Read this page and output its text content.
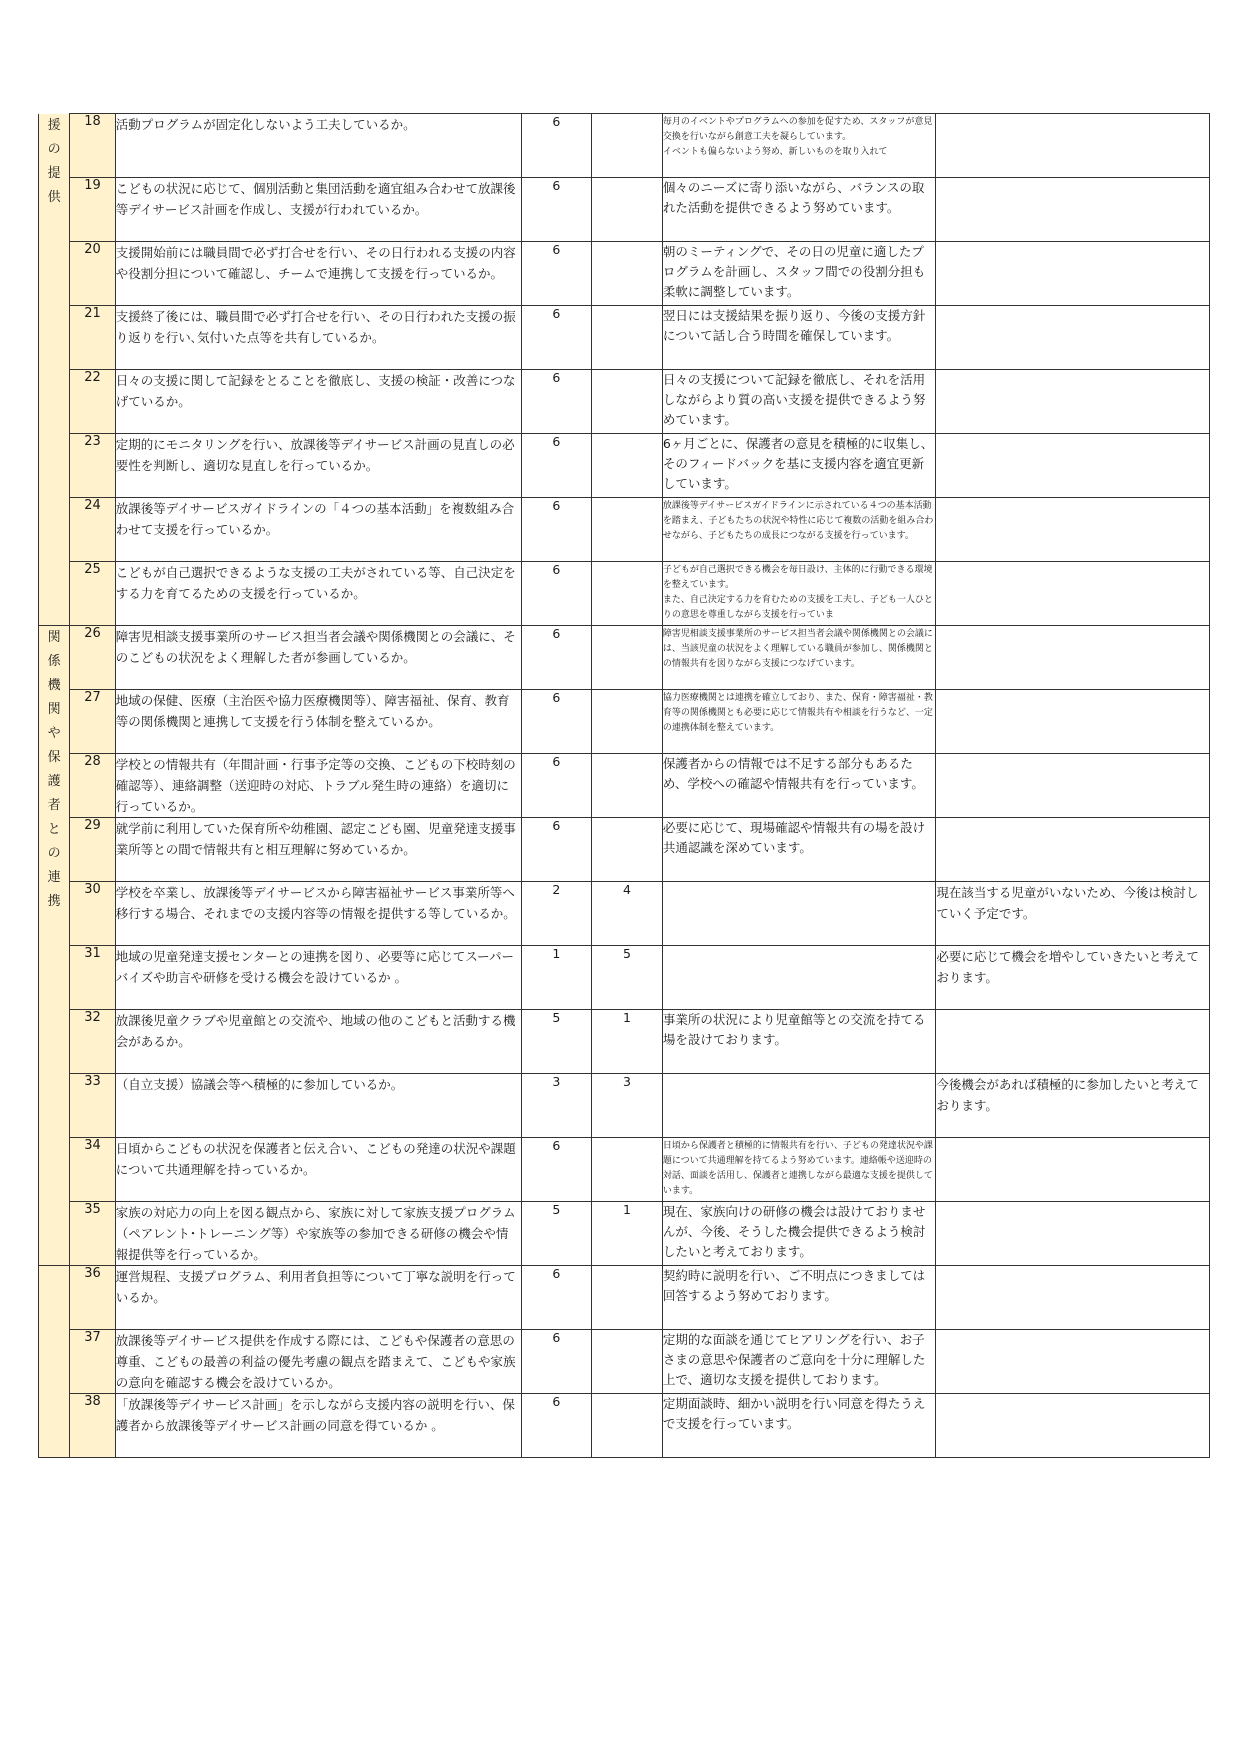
援の提供	18	活動プログラムが固定化しないよう工夫しているか。	6		毎月のイベントやプログラムへの参加を促すため、スタッフが意見交換を行いながら創意工夫を凝らしています。
イベントも偏らないよう努め、新しいものを取り入れて	
	19	こどもの状況に応じて、個別活動と集団活動を適宜組み合わせて放課後等デイサービス計画を作成し、支援が行われているか。	6		個々のニーズに寄り添いながら、バランスの取れた活動を提供できるよう努めています。	
	20	支援開始前には職員間で必ず打合せを行い、その日行われる支援の内容や役割分担について確認し、チームで連携して支援を行っているか。	6		朝のミーティングで、その日の児童に適したプログラムを計画し、スタッフ間での役割分担も柔軟に調整しています。	
	21	支援終了後には、職員間で必ず打合せを行い、その日行われた支援の振り返りを行い､気付いた点等を共有しているか。	6		翌日には支援結果を振り返り、今後の支援方針について話し合う時間を確保しています。	
	22	日々の支援に関して記録をとることを徹底し、支援の検証・改善につなげているか。	6		日々の支援について記録を徹底し、それを活用しながらより質の高い支援を提供できるよう努めています。	
	23	定期的にモニタリングを行い、放課後等デイサービス計画の見直しの必要性を判断し、適切な見直しを行っているか。	6		6ヶ月ごとに、保護者の意見を積極的に収集し、そのフィードバックを基に支援内容を適宜更新しています。	
	24	放課後等デイサービスガイドラインの「４つの基本活動」を複数組み合わせて支援を行っているか。	6		放課後等デイサービスガイドラインに示されている４つの基本活動を踏まえ、子どもたちの状況や特性に応じて複数の活動を組み合わせながら、子どもたちの成長につながる支援を行っています。	
	25	こどもが自己選択できるような支援の工夫がされている等、自己決定をする力を育てるための支援を行っているか。	6		子どもが自己選択できる機会を毎日設け、主体的に行動できる環境を整えています。
また、自己決定する力を育むための支援を工夫し、子ども一人ひとりの意思を尊重しながら支援を行っていま	

関係機関や保護者との連携	26	障害児相談支援事業所のサービス担当者会議や関係機関との会議に、そのこどもの状況をよく理解した者が参画しているか。	6		障害児相談支援事業所のサービス担当者会議や関係機関との会議には、当該児童の状況をよく理解している職員が参加し、関係機関との情報共有を図りながら支援につなげています。	
	27	地域の保健、医療（主治医や協力医療機関等）、障害福祉、保育、教育等の関係機関と連携して支援を行う体制を整えているか。	6		協力医療機関とは連携を確立しており、また、保育・障害福祉・教育等の関係機関とも必要に応じて情報共有や相談を行うなど、一定の連携体制を整えています。	
	28	学校との情報共有（年間計画・行事予定等の交換、こどもの下校時刻の確認等）、連絡調整（送迎時の対応、トラブル発生時の連絡）を適切に行っているか。	6		保護者からの情報では不足する部分もあるため、学校への確認や情報共有を行っています。	
	29	就学前に利用していた保育所や幼稚園、認定こども園、児童発達支援事業所等との間で情報共有と相互理解に努めているか。	6		必要に応じて、現場確認や情報共有の場を設け共通認識を深めています。	
	30	学校を卒業し、放課後等デイサービスから障害福祉サービス事業所等へ移行する場合、それまでの支援内容等の情報を提供する等しているか。	2	4		現在該当する児童がいないため、今後は検討していく予定です。
	31	地域の児童発達支援センターとの連携を図り、必要等に応じてスーパーバイズや助言や研修を受ける機会を設けているか 。	1	5		必要に応じて機会を増やしていきたいと考えております。
	32	放課後児童クラブや児童館との交流や、地域の他のこどもと活動する機会があるか。	5	1	事業所の状況により児童館等との交流を持てる場を設けております。	
	33	（自立支援）協議会等へ積極的に参加しているか。	3	3		今後機会があれば積極的に参加したいと考えております。
	34	日頃からこどもの状況を保護者と伝え合い、こどもの発達の状況や課題について共通理解を持っているか。	6		日頃から保護者と積極的に情報共有を行い、子どもの発達状況や課題について共通理解を持てるよう努めています。連絡帳や送迎時の対話、面談を活用し、保護者と連携しながら最適な支援を提供しています。	
	35	家族の対応力の向上を図る観点から、家族に対して家族支援プログラム（ペアレント･トレーニング等）や家族等の参加できる研修の機会や情報提供等を行っているか。	5	1	現在、家族向けの研修の機会は設けておりませんが、今後、そうした機会提供できるよう検討したいと考えております。	

	36	運営規程、支援プログラム、利用者負担等について丁寧な説明を行っているか。	6		契約時に説明を行い、ご不明点につきましては回答するよう努めております。	
	37	放課後等デイサービス提供を作成する際には、こどもや保護者の意思の尊重、こどもの最善の利益の優先考慮の観点を踏まえて、こどもや家族の意向を確認する機会を設けているか。	6		定期的な面談を通じてヒアリングを行い、お子さまの意思や保護者のご意向を十分に理解した上で、適切な支援を提供しております。	
	38	「放課後等デイサービス計画」を示しながら支援内容の説明を行い、保護者から放課後等デイサービス計画の同意を得ているか 。	6		定期面談時、細かい説明を行い同意を得たうえで支援を行っています。	
